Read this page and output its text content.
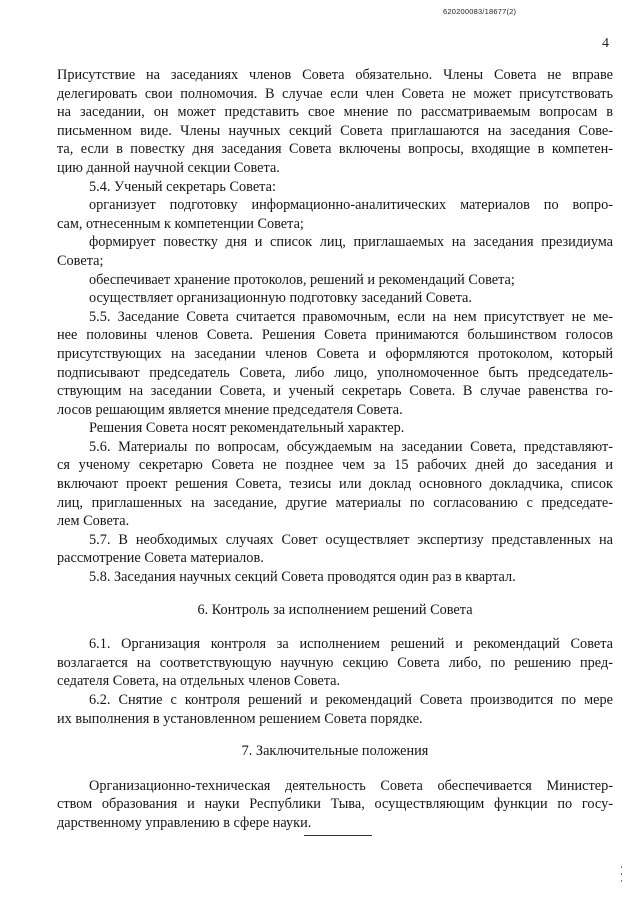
620200083/18677(2)
4
Присутствие на заседаниях членов Совета обязательно. Члены Совета не вправе
делегировать свои полномочия. В случае если член Совета не может присутствовать
на заседании, он может представить свое мнение по рассматриваемым вопросам в
письменном виде. Члены научных секций Совета приглашаются на заседания Сове-
та, если в повестку дня заседания Совета включены вопросы, входящие в компетен-
цию данной научной секции Совета.
5.4. Ученый секретарь Совета:
организует подготовку информационно-аналитических материалов по вопро-
сам, отнесенным к компетенции Совета;
формирует повестку дня и список лиц, приглашаемых на заседания президиума
Совета;
обеспечивает хранение протоколов, решений и рекомендаций Совета;
осуществляет организационную подготовку заседаний Совета.
5.5. Заседание Совета считается правомочным, если на нем присутствует не ме-
нее половины членов Совета. Решения Совета принимаются большинством голосов
присутствующих на заседании членов Совета и оформляются протоколом, который
подписывают председатель Совета, либо лицо, уполномоченное быть председатель-
ствующим на заседании Совета, и ученый секретарь Совета. В случае равенства го-
лосов решающим является мнение председателя Совета.
Решения Совета носят рекомендательный характер.
5.6. Материалы по вопросам, обсуждаемым на заседании Совета, представляют-
ся ученому секретарю Совета не позднее чем за 15 рабочих дней до заседания и
включают проект решения Совета, тезисы или доклад основного докладчика, список
лиц, приглашенных на заседание, другие материалы по согласованию с председате-
лем Совета.
5.7. В необходимых случаях Совет осуществляет экспертизу представленных на
рассмотрение Совета материалов.
5.8. Заседания научных секций Совета проводятся один раз в квартал.
6. Контроль за исполнением решений Совета
6.1. Организация контроля за исполнением решений и рекомендаций Совета
возлагается на соответствующую научную секцию Совета либо, по решению пред-
седателя Совета, на отдельных членов Совета.
6.2. Снятие с контроля решений и рекомендаций Совета производится по мере
их выполнения в установленном решением Совета порядке.
7. Заключительные положения
Организационно-техническая деятельность Совета обеспечивается Министер-
ством образования и науки Республики Тыва, осуществляющим функции по госу-
дарственному управлению в сфере науки.
